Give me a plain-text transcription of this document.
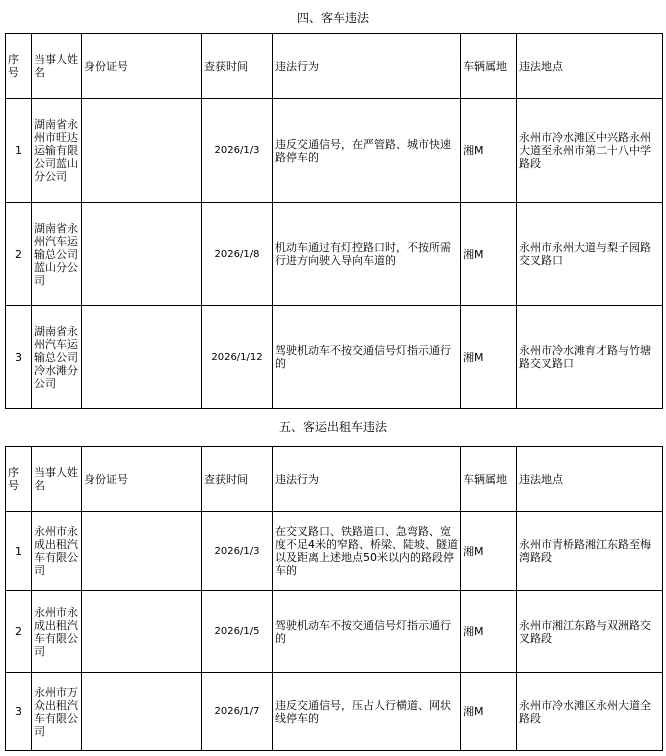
四、客车违法
序号	当事人姓名	身份证号	查获时间	违法行为	车辆属地	违法地点
1	湖南省永州市旺达运输有限公司蓝山分公司		2026/1/3	违反交通信号，在严管路、城市快速路停车的	湘M	永州市冷水滩区中兴路永州大道至永州市第二十八中学路段
2	湖南省永州汽车运输总公司蓝山分公司		2026/1/8	机动车通过有灯控路口时，不按所需行进方向驶入导向车道的	湘M	永州市永州大道与梨子园路交叉路口
3	湖南省永州汽车运输总公司冷水滩分公司		2026/1/12	驾驶机动车不按交通信号灯指示通行的	湘M	永州市冷水滩育才路与竹塘路交叉路口
五、客运出租车违法
序号	当事人姓名	身份证号	查获时间	违法行为	车辆属地	违法地点
1	永州市永成出租汽车有限公司		2026/1/3	在交叉路口、铁路道口、急弯路、宽度不足4米的窄路、桥梁、陡坡、隧道以及距离上述地点50米以内的路段停车的	湘M	永州市青桥路湘江东路至梅湾路段
2	永州市永成出租汽车有限公司		2026/1/5	驾驶机动车不按交通信号灯指示通行的	湘M	永州市湘江东路与双洲路交叉路段
3	永州市万众出租汽车有限公司		2026/1/7	违反交通信号，压占人行横道、网状线停车的	湘M	永州市冷水滩区永州大道全路段
